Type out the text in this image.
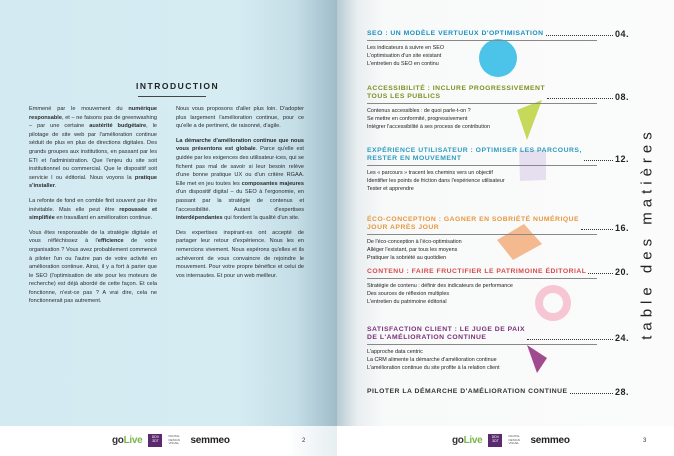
INTRODUCTION

Emmené par le mouvement du numérique responsable, et – ne faisons pas de greenwashing – par une certaine austérité budgétaire, le pilotage de site web par l'amélioration continue séduit de plus en plus de directions digitales. Des grands groupes aux institutions, en passant par les ETI et l'administration. Que l'enjeu du site soit institutionnel ou commercial. Que le dispositif soit servicie l ou éditorial. Nous voyons la pratique s'installer.

La refonte de fond en comble finit souvent par être inévitable. Mais elle peut être repoussée et simplifiée en travaillant en amélioration continue.

Vous êtes responsable de la stratégie digitale et vous réfléchissez à l'efficience de votre organisation ? Vous avez probablement commencé à piloter l'un ou l'autre pan de votre activité en amélioration continue. Ainsi, il y a fort à parier que le SEO (l'optimisation de site pour les moteurs de recherche) est déjà abordé de cette façon. Et cela fonctionne, n'est-ce pas ? A vrai dire, cela ne fonctionnerait pas autrement.

Nous vous proposons d'aller plus loin. D'adopter plus largement l'amélioration continue, pour ce qu'elle a de pertinent, de raisonné, d'agile.

La démarche d'amélioration continue que nous vous présentons est globale. Parce qu'elle est guidée par les exigences des utilisateur·ices, qui se fichent pas mal de savoir si leur besoin relève d'une bonne pratique UX ou d'un critère RGAA. Elle met en jeu toutes les composantes majeures d'un dispositif digital – du SEO à l'ergonomie, en passant par la stratégie de contenus et l'accessibilité. Autant d'expertises interdépendantes qui fondent la qualité d'un site.

Des expertises inspirant·es ont accepté de partager leur retour d'expérience. Nous les en remercions vivement. Nous espérons qu'elles et ils achèveront de vous convaincre de rejoindre le mouvement. Pour votre propre bénéfice et celui de vos internautes. Et pour un web meilleur.

goLive	DDV 3DT
DIGITAL DESIGN VISUEL	semmeo	2
SEO : UN MODÈLE VERTUEUX D'OPTIMISATION	04.
Les indicateurs à suivre en SEO
L'optimisation d'un site existant
L'entretien du SEO en continu
ACCESSIBILITÉ : INCLURE PROGRESSIVEMENT
TOUS LES PUBLICS	08.
Contenus accessibles : de quoi parle-t-on ?
Se mettre en conformité, progressivement
Intégrer l'accessibilité à ses process de contribution
EXPÉRIENCE UTILISATEUR : OPTIMISER LES PARCOURS,
RESTER EN MOUVEMENT	12.
Les « parcours » tracent les chemins vers un objectif
Identifier les points de friction dans l'expérience utilisateur
Tester et apprendre
ÉCO-CONCEPTION : GAGNER EN SOBRIÉTÉ NUMÉRIQUE
JOUR APRÈS JOUR	16.
De l'éco-conception à l'éco-optimisation
Alléger l'existant, par tous les moyens
Pratiquer la sobriété au quotidien
CONTENU : FAIRE FRUCTIFIER LE PATRIMOINE ÉDITORIAL	20.
Stratégie de contenu : définir des indicateurs de performance
Des sources de réflexion multiples
L'entretien du patrimoine éditorial
SATISFACTION CLIENT : LE JUGE DE PAIX
DE L'AMÉLIORATION CONTINUE	24.
L'approche data centric
La CRM alimente la démarche d'amélioration continue
L'amélioration continue du site profite à la relation client
PILOTER LA DÉMARCHE D'AMÉLIORATION CONTINUE	28.
table des matières
goLive	DDV 3DT
DIGITAL DESIGN VISUEL	semmeo	3
